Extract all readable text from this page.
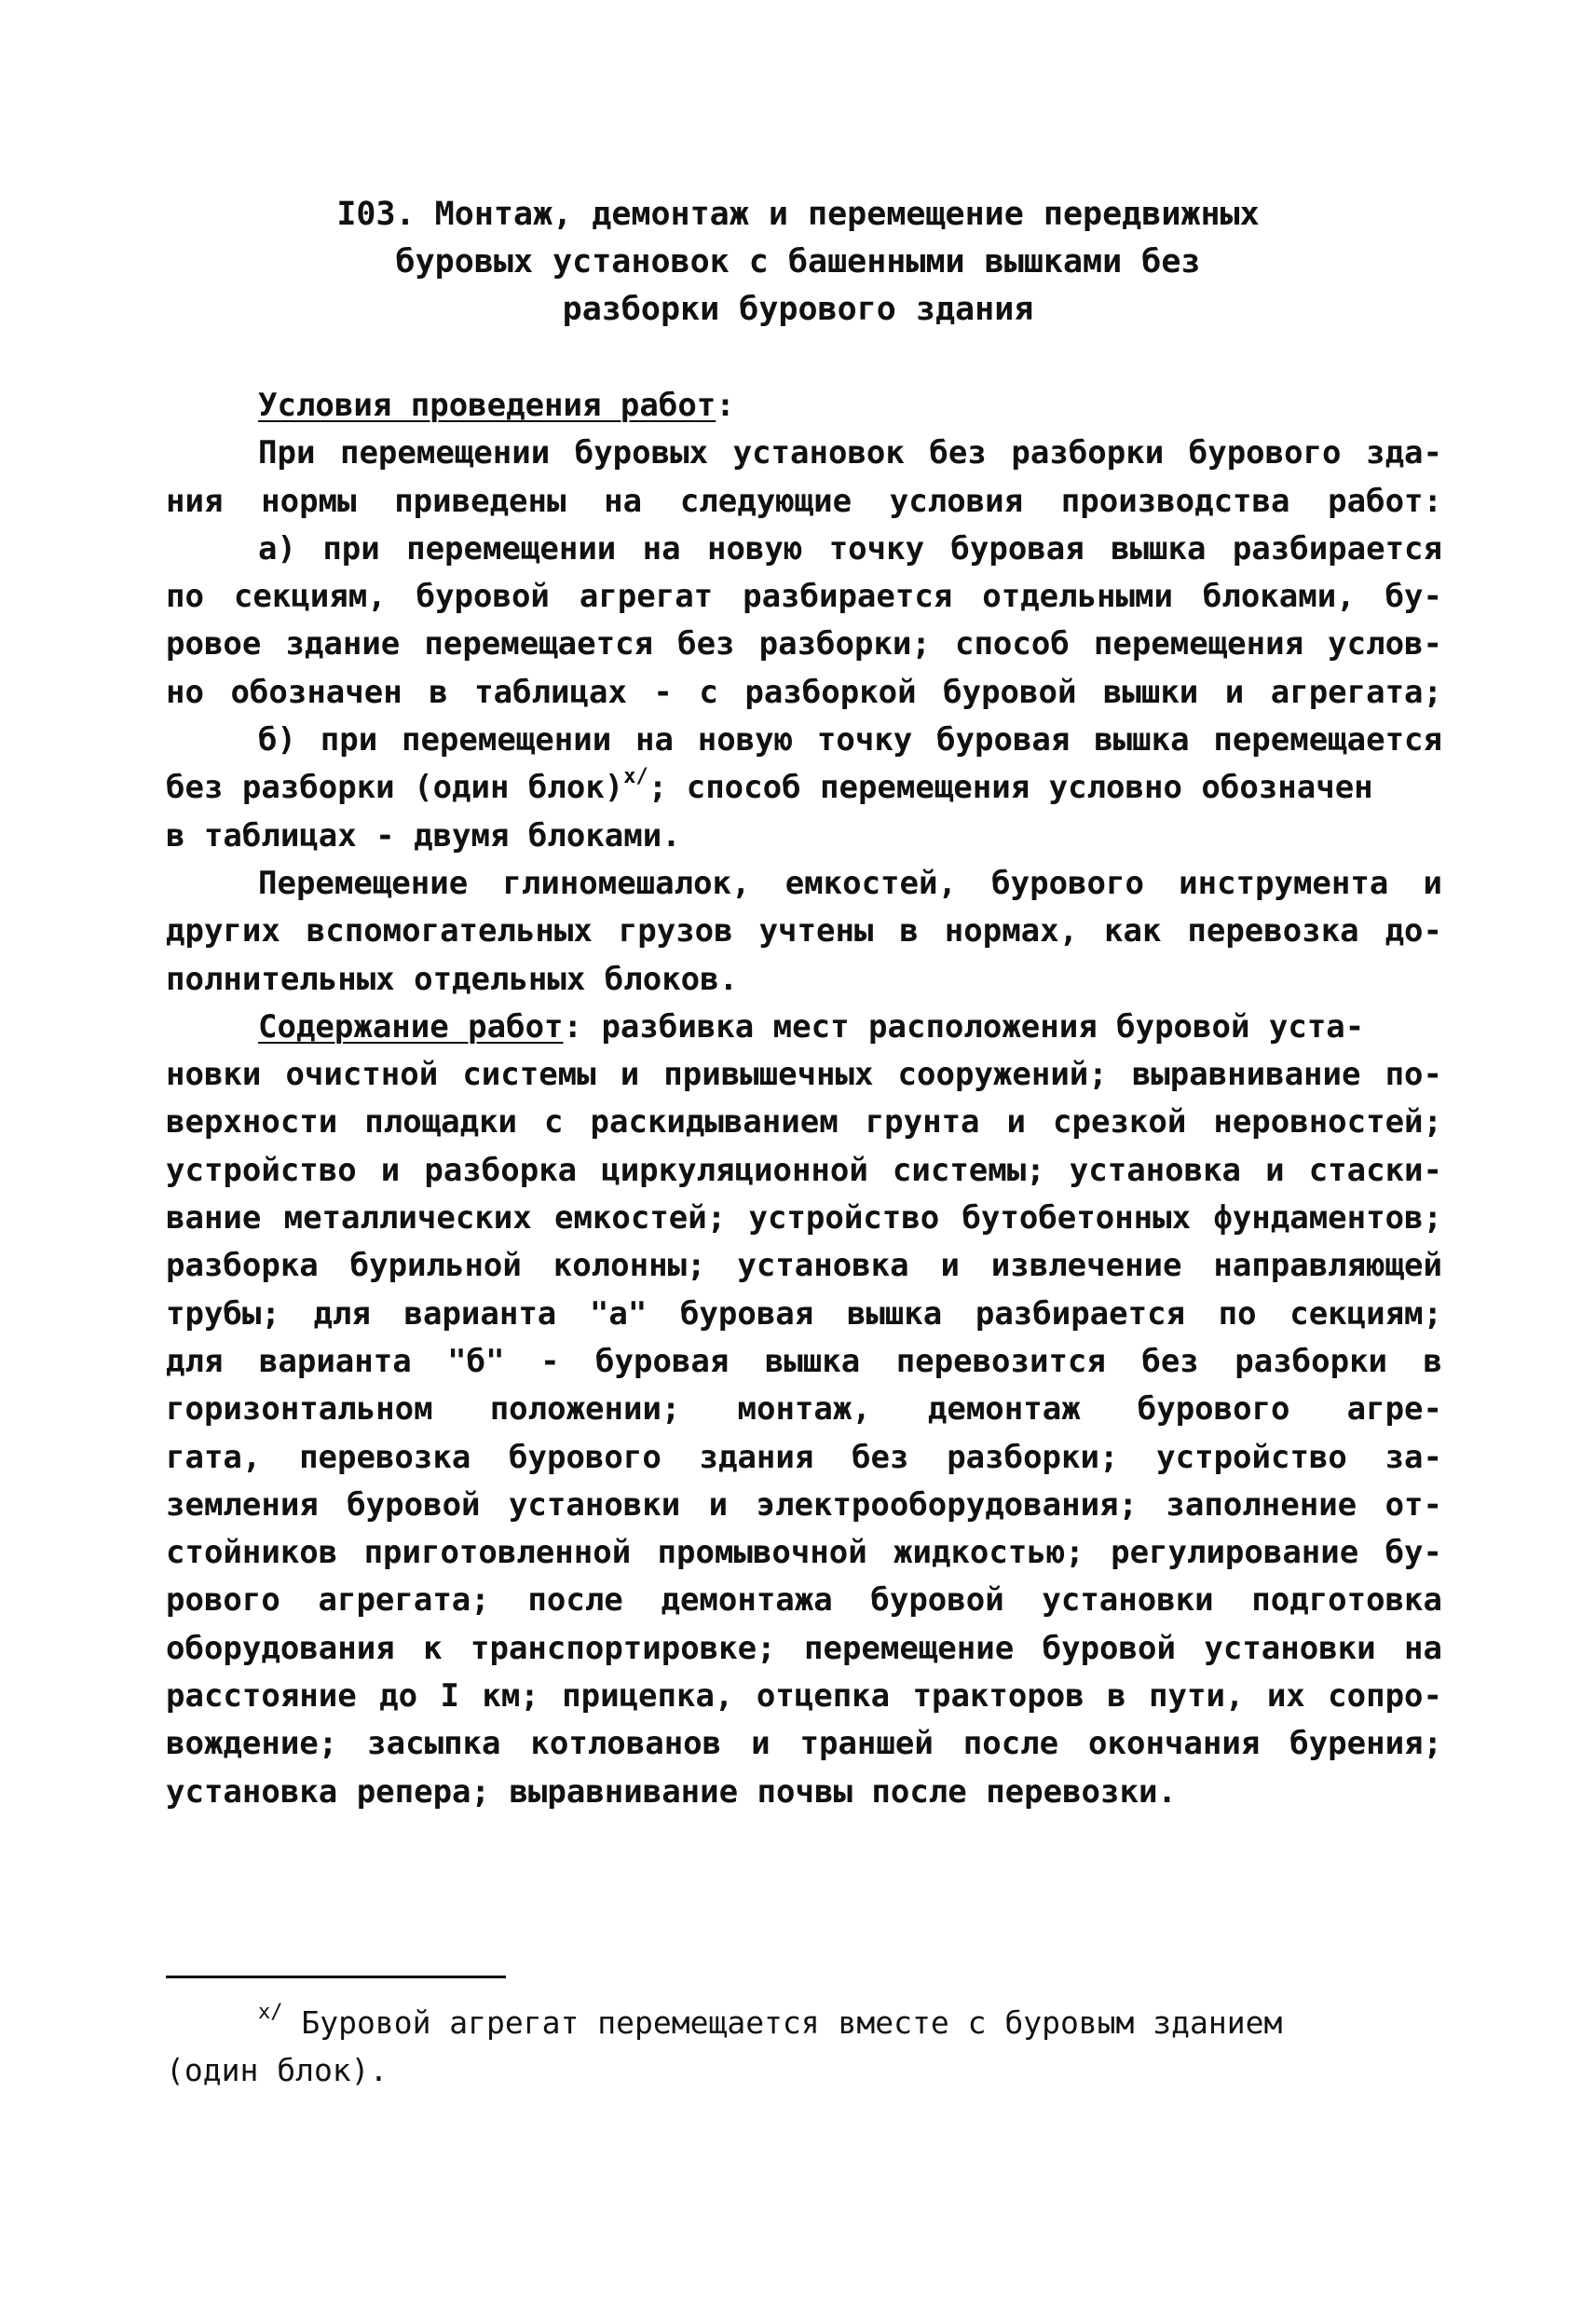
I03. Монтаж, демонтаж и перемещение передвижных
буровых установок с башенными вышками без
разборки бурового здания
Условия проведения работ:
При перемещении буровых установок без разборки бурового зда-
ния нормы приведены на следующие условия производства работ:
а) при перемещении на новую точку буровая вышка разбирается
по секциям, буровой агрегат разбирается отдельными блоками, бу-
ровое здание перемещается без разборки; способ перемещения услов-
но обозначен в таблицах - с разборкой буровой вышки и агрегата;
б) при перемещении на новую точку буровая вышка перемещается
без разборки (один блок)$^{х/}$; способ перемещения условно обозначен
в таблицах - двумя блоками.
Перемещение глиномешалок, емкостей, бурового инструмента и
других вспомогательных грузов учтены в нормах, как перевозка до-
полнительных отдельных блоков.
Содержание работ: разбивка мест расположения буровой уста-
новки очистной системы и привышечных сооружений; выравнивание по-
верхности площадки с раскидыванием грунта и срезкой неровностей;
устройство и разборка циркуляционной системы; установка и стаски-
вание металлических емкостей; устройство бутобетонных фундаментов;
разборка бурильной колонны; установка и извлечение направляющей
трубы; для варианта "а" буровая вышка разбирается по секциям;
для варианта "б" - буровая вышка перевозится без разборки в
горизонтальном положении; монтаж, демонтаж бурового агре-
гата, перевозка бурового здания без разборки; устройство за-
земления буровой установки и электрооборудования; заполнение от-
стойников приготовленной промывочной жидкостью; регулирование бу-
рового агрегата; после демонтажа буровой установки подготовка
оборудования к транспортировке; перемещение буровой установки на
расстояние до I км; прицепка, отцепка тракторов в пути, их сопро-
вождение; засыпка котлованов и траншей после окончания бурения;
установка репера; выравнивание почвы после перевозки.
$^{х/}$ Буровой агрегат перемещается вместе с буровым зданием
(один блок).
